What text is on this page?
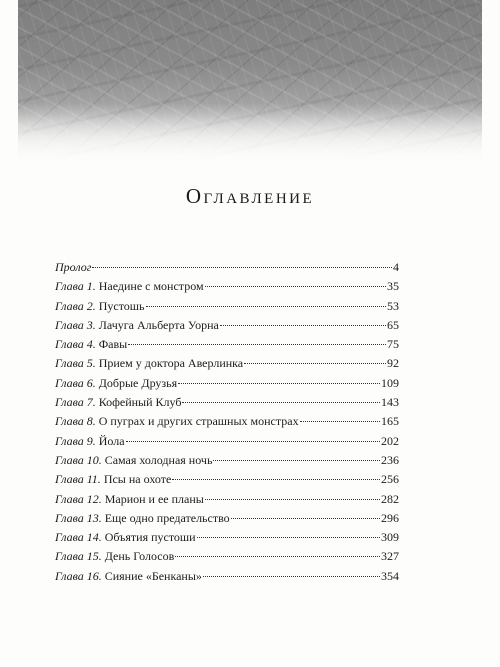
Оглавление
Пролог	4
Глава 1. Наедине с монстром	35
Глава 2. Пустошь	53
Глава 3. Лачуга Альберта Уорна	65
Глава 4. Фавы	75
Глава 5. Прием у доктора Аверлинка	92
Глава 6. Добрые Друзья	109
Глава 7. Кофейный Клуб	143
Глава 8. О пуграх и других страшных монстрах	165
Глава 9. Йола	202
Глава 10. Самая холодная ночь	236
Глава 11. Псы на охоте	256
Глава 12. Марион и ее планы	282
Глава 13. Еще одно предательство	296
Глава 14. Объятия пустоши	309
Глава 15. День Голосов	327
Глава 16. Сияние «Бенканы»	354
